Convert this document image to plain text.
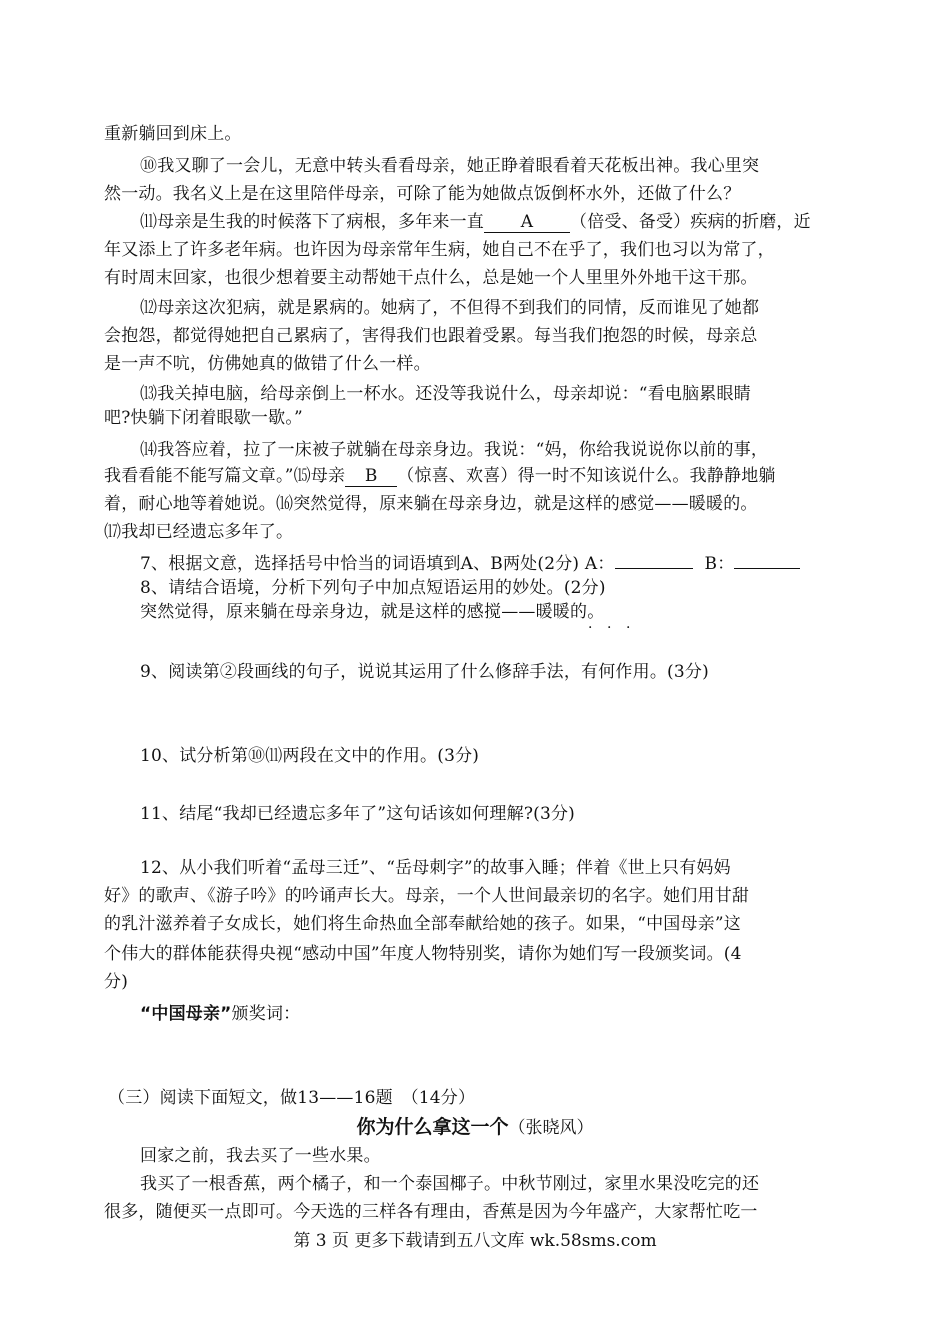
重新躺回到床上。
⑩我又聊了一会儿，无意中转头看看母亲，她正睁着眼看着天花板出神。我心里突
然一动。我名义上是在这里陪伴母亲，可除了能为她做点饭倒杯水外，还做了什么？
⑾母亲是生我的时候落下了病根，多年来一直 A （倍受、备受）疾病的折磨，近
年又添上了许多老年病。也许因为母亲常年生病，她自己不在乎了，我们也习以为常了，
有时周末回家，也很少想着要主动帮她干点什么，总是她一个人里里外外地干这干那。
⑿母亲这次犯病，就是累病的。她病了，不但得不到我们的同情，反而谁见了她都
会抱怨，都觉得她把自己累病了，害得我们也跟着受累。每当我们抱怨的时候，母亲总
是一声不吭，仿佛她真的做错了什么一样。
⒀我关掉电脑，给母亲倒上一杯水。还没等我说什么，母亲却说：“看电脑累眼睛
吧?快躺下闭着眼歇一歇。”
⒁我答应着，拉了一床被子就躺在母亲身边。我说：“妈，你给我说说你以前的事，
我看看能不能写篇文章。”⒂母亲 B （惊喜、欢喜）得一时不知该说什么。我静静地躺
着，耐心地等着她说。⒃突然觉得，原来躺在母亲身边，就是这样的感觉——暖暖的。
⒄我却已经遗忘多年了。
7、根据文意，选择括号中恰当的词语填到A、B两处(2分) A：	B：
8、请结合语境，分析下列句子中加点短语运用的妙处。(2分)
突然觉得，原来躺在母亲身边，就是这样的感搅——暖暖的。
· · ·
9、阅读第②段画线的句子，说说其运用了什么修辞手法，有何作用。(3分)
10、试分析第⑩⑾两段在文中的作用。(3分)
11、结尾“我却已经遗忘多年了”这句话该如何理解?(3分)
12、从小我们听着“孟母三迁”、“岳母刺字”的故事入睡；伴着《世上只有妈妈
好》的歌声、《游子吟》的吟诵声长大。母亲，一个人世间最亲切的名字。她们用甘甜
的乳汁滋养着子女成长，她们将生命热血全部奉献给她的孩子。如果，“中国母亲”这
个伟大的群体能获得央视“感动中国”年度人物特别奖，请你为她们写一段颁奖词。(4
分)
“中国母亲”颁奖词：
（三）阅读下面短文，做13——16题　（14分）
你为什么拿这一个（张晓风）
回家之前，我去买了一些水果。
我买了一根香蕉，两个橘子，和一个泰国椰子。中秋节刚过，家里水果没吃完的还
很多，随便买一点即可。今天选的三样各有理由，香蕉是因为今年盛产，大家帮忙吃一
第 3 页 更多下载请到五八文库 wk.58sms.com
